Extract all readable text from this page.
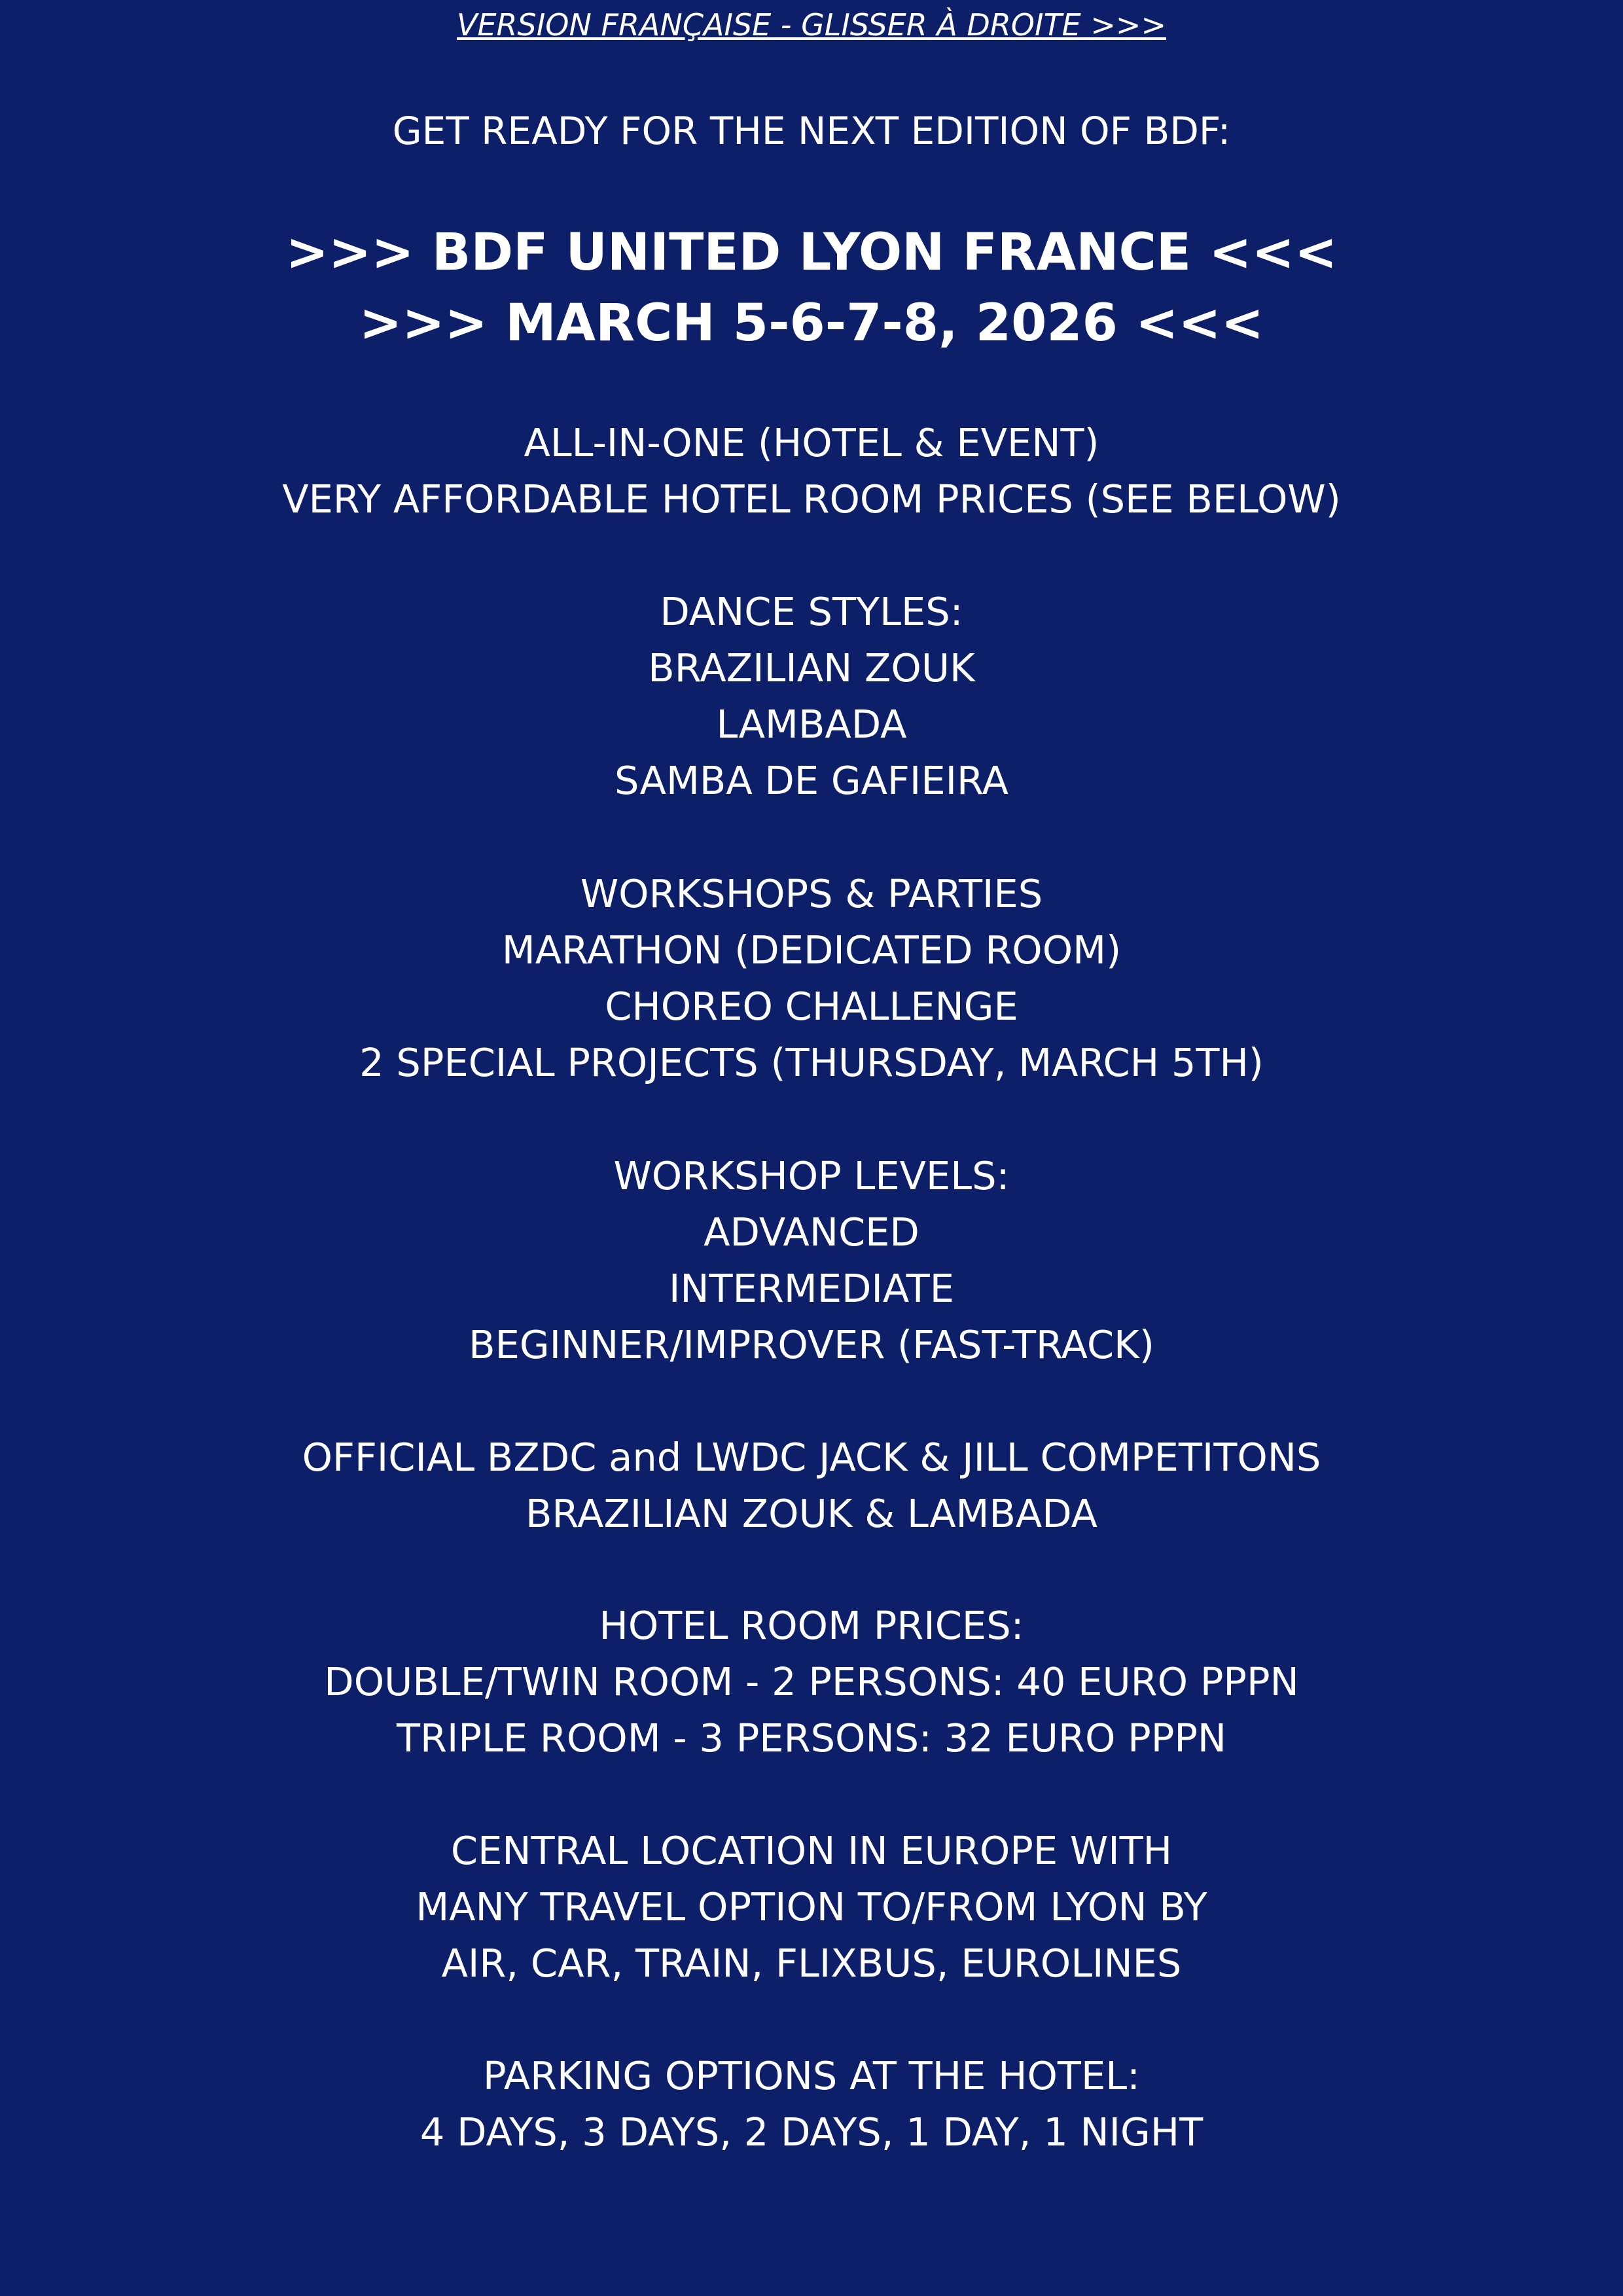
VERSION FRANÇAISE - GLISSER À DROITE >>>
GET READY FOR THE NEXT EDITION OF BDF:
>>> BDF UNITED LYON FRANCE <<<
>>> MARCH 5-6-7-8, 2026 <<<
ALL-IN-ONE (HOTEL & EVENT)
VERY AFFORDABLE HOTEL ROOM PRICES (SEE BELOW)
DANCE STYLES:
BRAZILIAN ZOUK
LAMBADA
SAMBA DE GAFIEIRA
WORKSHOPS & PARTIES
MARATHON (DEDICATED ROOM)
CHOREO CHALLENGE
2 SPECIAL PROJECTS (THURSDAY, MARCH 5TH)
WORKSHOP LEVELS:
ADVANCED
INTERMEDIATE
BEGINNER/IMPROVER (FAST-TRACK)
OFFICIAL BZDC and LWDC JACK & JILL COMPETITONS
BRAZILIAN ZOUK & LAMBADA
HOTEL ROOM PRICES:
DOUBLE/TWIN ROOM - 2 PERSONS: 40 EURO PPPN
TRIPLE ROOM - 3 PERSONS: 32 EURO PPPN
CENTRAL LOCATION IN EUROPE WITH
MANY TRAVEL OPTION TO/FROM LYON BY
AIR, CAR, TRAIN, FLIXBUS, EUROLINES
PARKING OPTIONS AT THE HOTEL:
4 DAYS, 3 DAYS, 2 DAYS, 1 DAY, 1 NIGHT
